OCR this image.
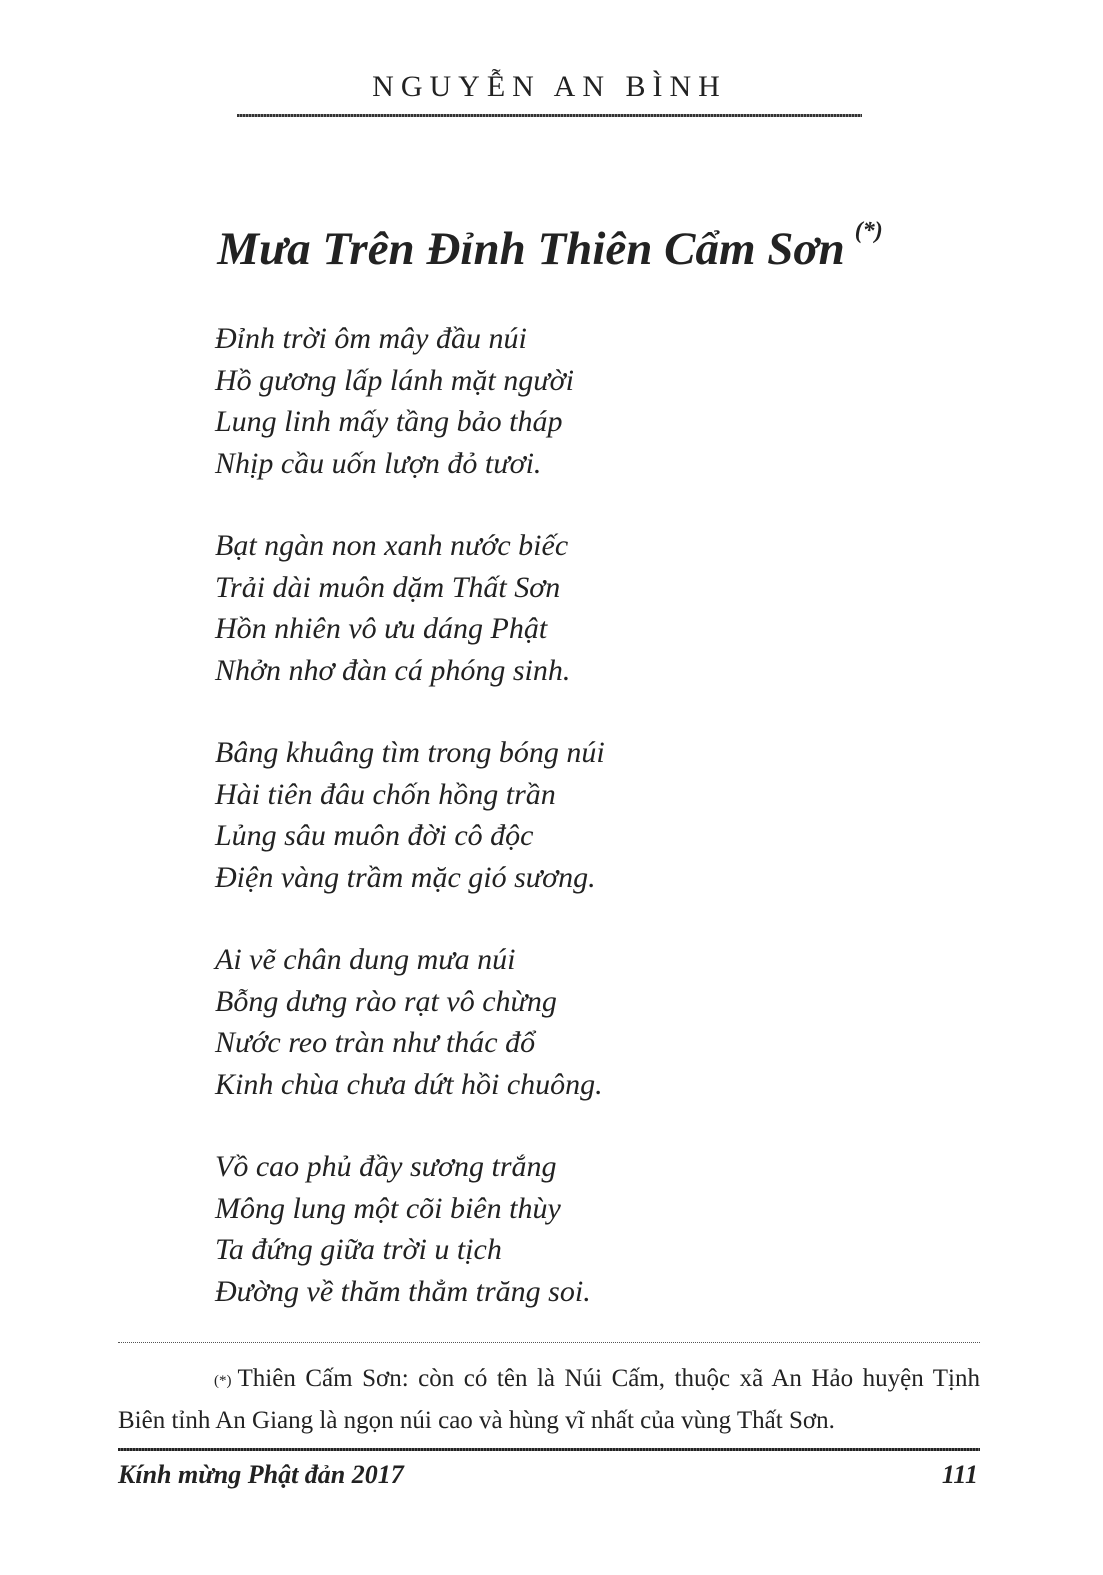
NGUYỄN AN BÌNH
Mưa Trên Đỉnh Thiên Cẩm Sơn (*)
Đỉnh trời ôm mây đầu núi
Hồ gương lấp lánh mặt người
Lung linh mấy tầng bảo tháp
Nhịp cầu uốn lượn đỏ tươi.
Bạt ngàn non xanh nước biếc
Trải dài muôn dặm Thất Sơn
Hồn nhiên vô ưu dáng Phật
Nhởn nhơ đàn cá phóng sinh.
Bâng khuâng tìm trong bóng núi
Hài tiên đâu chốn hồng trần
Lủng sâu muôn đời cô độc
Điện vàng trầm mặc gió sương.
Ai vẽ chân dung mưa núi
Bỗng dưng rào rạt vô chừng
Nước reo tràn như thác đổ
Kinh chùa chưa dứt hồi chuông.
Vồ cao phủ đầy sương trắng
Mông lung một cõi biên thùy
Ta đứng giữa trời u tịch
Đường về thăm thẳm trăng soi.
(*) Thiên Cấm Sơn: còn có tên là Núi Cấm, thuộc xã An Hảo huyện Tịnh Biên tỉnh An Giang là ngọn núi cao và hùng vĩ nhất của vùng Thất Sơn.
Kính mừng Phật đản 2017	111
